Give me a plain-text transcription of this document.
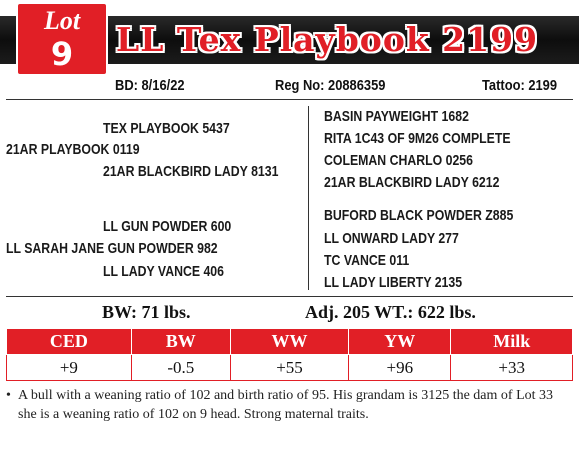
Lot
9	LL Tex Playbook 2199
BD: 8/16/22	Reg No: 20886359	Tattoo: 2199
TEX PLAYBOOK 5437
21AR PLAYBOOK 0119
21AR BLACKBIRD LADY 8131
BASIN PAYWEIGHT 1682
RITA 1C43 OF 9M26 COMPLETE
COLEMAN CHARLO 0256
21AR BLACKBIRD LADY 6212
LL GUN POWDER 600
LL SARAH JANE GUN POWDER 982
LL LADY VANCE 406
BUFORD BLACK POWDER Z885
LL ONWARD LADY 277
TC VANCE 011
LL LADY LIBERTY 2135
BW: 71 lbs.	Adj. 205 WT.: 622 lbs.
CED	BW	WW	YW	Milk
+9	-0.5	+55	+96	+33
• A bull with a weaning ratio of 102 and birth ratio of 95. His grandam is 3125 the dam of Lot 33 she is a weaning ratio of 102 on 9 head. Strong maternal traits.
